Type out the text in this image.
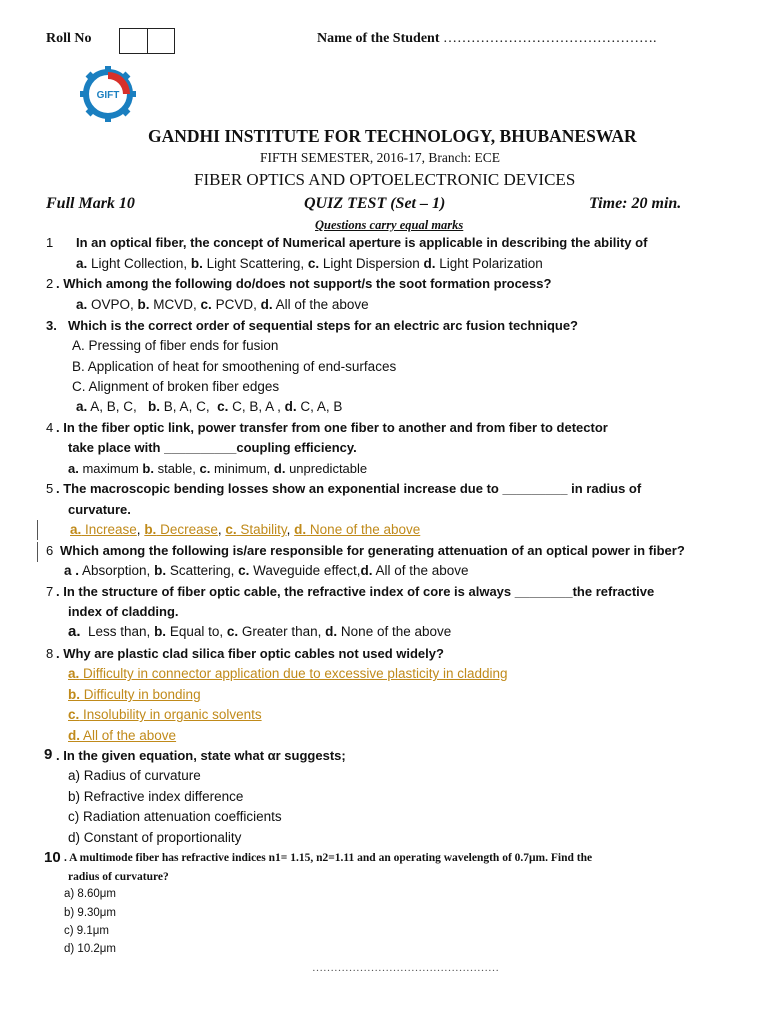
Roll No	Name of the Student ……………………………………….
GIFT
GANDHI INSTITUTE FOR TECHNOLOGY, BHUBANESWAR
FIFTH SEMESTER, 2016-17, Branch: ECE
FIBER OPTICS AND OPTOELECTRONIC DEVICES
Full Mark 10	QUIZ TEST (Set – 1)	Time: 20 min.
Questions carry equal marks
1 In an optical fiber, the concept of Numerical aperture is applicable in describing the ability of
a. Light Collection, b. Light Scattering, c. Light Dispersion d. Light Polarization
2 . Which among the following do/does not support/s the soot formation process?
a. OVPO, b. MCVD, c. PCVD, d. All of the above
3. Which is the correct order of sequential steps for an electric arc fusion technique?
A. Pressing of fiber ends for fusion
B. Application of heat for smoothening of end-surfaces
C. Alignment of broken fiber edges
a. A, B, C,   b. B, A, C,  c. C, B, A , d. C, A, B
4 . In the fiber optic link, power transfer from one fiber to another and from fiber to detector
take place with __________coupling efficiency.
a. maximum b. stable, c. minimum, d. unpredictable
5 . The macroscopic bending losses show an exponential increase due to _________ in radius of
curvature.
a. Increase, b. Decrease, c. Stability, d. None of the above
6 Which among the following is/are responsible for generating attenuation of an optical power in fiber?
a . Absorption, b. Scattering, c. Waveguide effect,d. All of the above
7 . In the structure of fiber optic cable, the refractive index of core is always ________the refractive
index of cladding.
a.  Less than, b. Equal to, c. Greater than, d. None of the above
8 . Why are plastic clad silica fiber optic cables not used widely?
a. Difficulty in connector application due to excessive plasticity in cladding
b. Difficulty in bonding
c. Insolubility in organic solvents
d. All of the above
9 . In the given equation, state what αr suggests;
a) Radius of curvature
b) Refractive index difference
c) Radiation attenuation coefficients
d) Constant of proportionality
10 . A multimode fiber has refractive indices n1= 1.15, n2=1.11 and an operating wavelength of 0.7μm. Find the
radius of curvature?
a) 8.60μm
b) 9.30μm
c) 9.1μm
d) 10.2μm
……………………………………………
